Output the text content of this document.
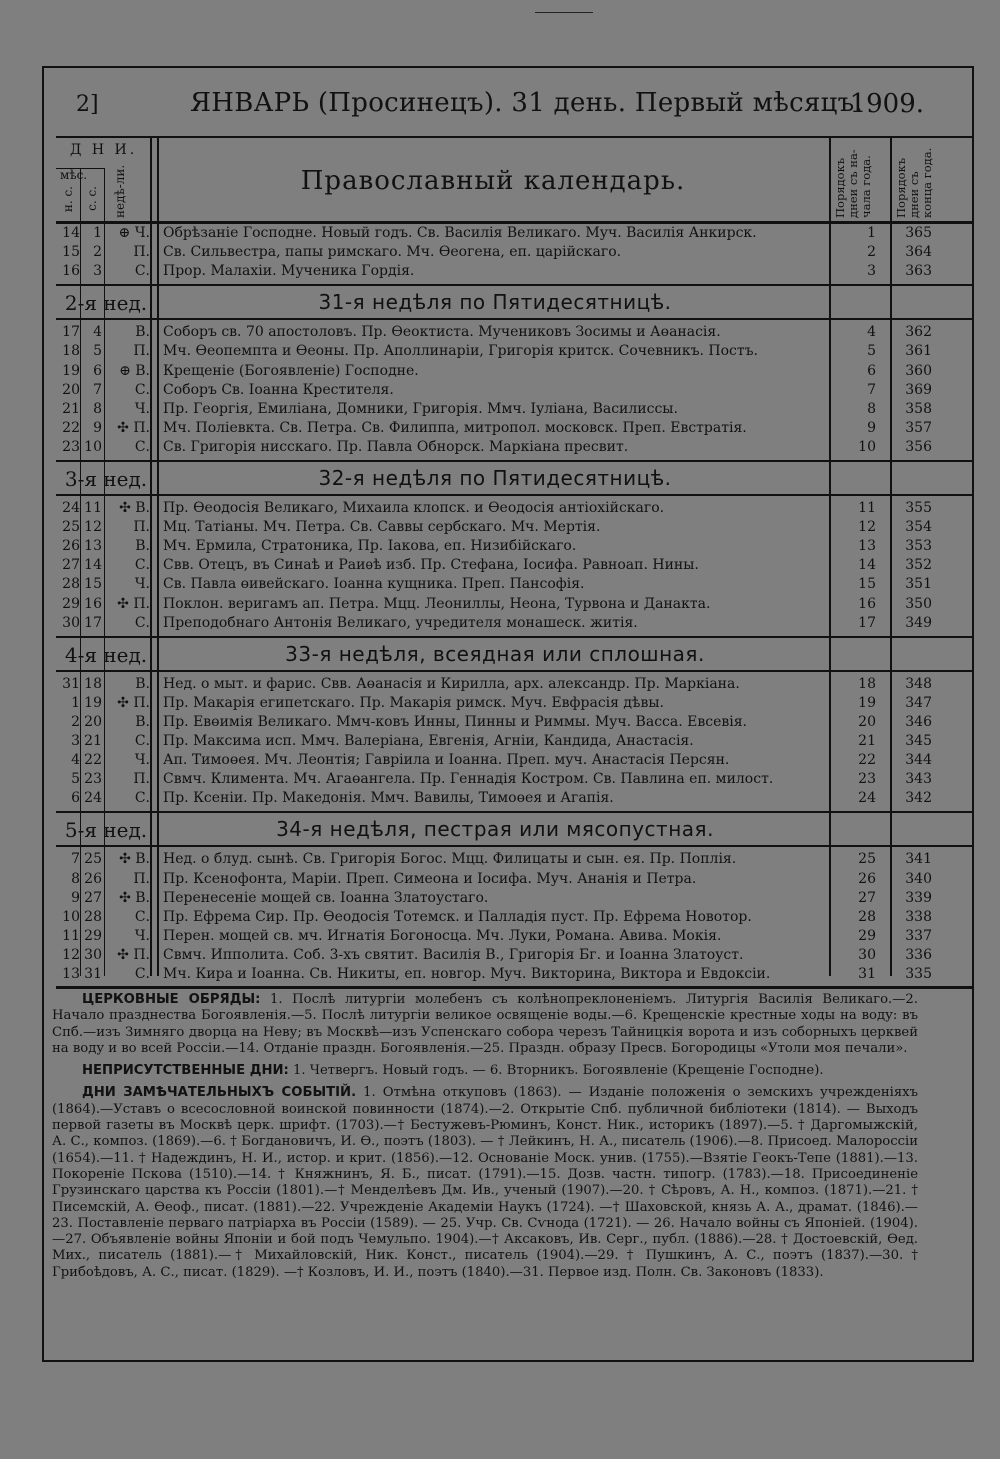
2]	ЯНВАРЬ (Просинецъ). 31 день. Первый мѣсяцъ.
1909.
Д Н И.
мѣс.
н. с. с. с. недѣ-ли.	Православный календарь.	Порядокъ днеи съ на-чала года.	Порядокъ днеи съ конца года.
14 1	⊕ Ч. Обрѣзаніе Господне. Новый годъ. Св. Василія Великаго. Муч. Василія Анкирск.	1	365
15 2	П. Св. Сильвестра, папы римскаго. Мч. Өеогена, еп. царійскаго.	2	364
16 3	С. Прор. Малахіи. Мученика Гордія.	3	363
2-я нед.	31-я недѣля по Пятидесятницѣ.
17 4	В. Соборъ св. 70 апостоловъ. Пр. Өеоктиста. Мучениковъ Зосимы и Аөанасія.	4	362
18 5	П. Мч. Өеопемпта и Өеоны. Пр. Аполлинаріи, Григорія критск. Сочевникъ. Постъ.	5	361
19 6	⊕ В. Крещеніе (Богоявленіе) Господне.	6	360
20 7	С. Соборъ Св. Іоанна Крестителя.	7	369
21 8	Ч. Пр. Георгія, Емиліана, Домники, Григорія. Ммч. Іуліана, Василиссы.	8	358
22 9 ✣ П. Мч. Поліевкта. Св. Петра. Св. Филиппа, митропол. московск. Преп. Евстратія.	9	357
23 10	С. Св. Григорія нисскаго. Пр. Павла Обнорск. Маркіана пресвит.	10	356
3-я нед.	32-я недѣля по Пятидесятницѣ.
24 11	✣ В. Пр. Өеодосія Великаго, Михаила клопск. и Өеодосія антіохійскаго.	11	355
25 12	П. Мц. Татіаны. Мч. Петра. Св. Саввы сербскаго. Мч. Мертія.	12	354
26 13	В. Мч. Ермила, Стратоника, Пр. Іакова, еп. Низибійскаго.	13	353
27 14	С. Свв. Отецъ, въ Синаѣ и Раиѳѣ изб. Пр. Стефана, Іосифа. Равноап. Нины.	14	352
28 15	Ч. Св. Павла өивейскаго. Іоанна кущника. Преп. Пансофія.	15	351
29 16 ✣ П. Поклон. веригамъ ап. Петра. Мцц. Леониллы, Неона, Турвона и Данакта.	16	350
30 17	С. Преподобнаго Антонія Великаго, учредителя монашеск. житія.	17	349
4-я нед.	33-я недѣля, всеядная или сплошная.
31 18	В. Нед. о мыт. и фарис. Свв. Аөанасія и Кирилла, арх. александр. Пр. Маркіана.	18	348
1 19 ✣ П. Пр. Макарія египетскаго. Пр. Макарія римск. Муч. Евфрасія дѣвы.	19	347
2 20	В. Пр. Евөимія Великаго. Ммч-ковъ Инны, Пинны и Риммы. Муч. Васса. Евсевія.	20	346
3 21	С. Пр. Максима исп. Ммч. Валеріана, Евгенія, Агніи, Кандида, Анастасія.	21	345
4 22	Ч. Ап. Тимоөея. Мч. Леонтія; Гаврiила и Іоанна. Преп. муч. Анастасія Персян.	22	344
5 23	П. Свмч. Климента. Мч. Агаөангела. Пр. Геннадія Костром. Св. Павлина еп. милост.	23	343
6 24	С. Пр. Ксеніи. Пр. Македонія. Ммч. Вавилы, Тимоөея и Агапія.	24	342
5-я нед.	34-я недѣля, пестрая или мясопустная.
7 25	✣ В. Нед. о блуд. сынѣ. Св. Григорія Богос. Мцц. Филицаты и сын. ея. Пр. Поплія.	25	341
8 26	П. Пр. Ксенофонта, Маріи. Преп. Симеона и Іосифа. Муч. Ананія и Петра.	26	340
9 27	✣ В. Перенесеніе мощей св. Іоанна Златоустаго.	27	339
10 28	С. Пр. Ефрема Сир. Пр. Өеодосія Тотемск. и Палладія пуст. Пр. Ефрема Новотор.	28	338
11 29	Ч. Перен. мощей св. мч. Игнатія Богоносца. Мч. Луки, Романа. Авива. Мокія.	29	337
12 30 ✣ П. Свмч. Ипполита. Соб. 3-хъ святит. Василія В., Григорія Бг. и Іоанна Златоуст.	30	336
13 31	С. Мч. Кира и Іоанна. Св. Никиты, еп. новгор. Муч. Викторина, Виктора и Евдоксіи.	31	335

ЦЕРКОВНЫЕ ОБРЯДЫ: 1. Послѣ литургіи молебенъ съ колѣнопреклоненіемъ. Литургія Василія Великаго.—2. Начало празднества Богоявленія.—5. Послѣ литургіи великое освященіе воды.—6. Крещенскіе крестные ходы на воду: въ Спб.—изъ Зимняго дворца на Неву; въ Москвѣ—изъ Успенскаго собора черезъ Тайницкія ворота и изъ соборныхъ церквей на воду и во всей Россіи.—14. Отданіе праздн. Богоявленія.—25. Праздн. образу Пресв. Богородицы «Утоли моя печали».

НЕПРИСУТСТВЕННЫЕ ДНИ: 1. Четвергъ. Новый годъ. — 6. Вторникъ. Богоявленіе (Крещеніе Господне).

ДНИ ЗАМѢЧАТЕЛЬНЫХЪ СОБЫТІЙ. 1. Отмѣна откуповъ (1863). — Изданіе положенія о земскихъ учрежденіяхъ (1864).—Уставъ о всесословной воинской повинности (1874).—2. Открытіе Спб. публичной библіотеки (1814). — Выходъ первой газеты въ Москвѣ церк. шрифт. (1703).—† Бестужевъ-Рюминъ, Конст. Ник., историкъ (1897).—5. † Даргомыжскій, А. С., композ. (1869).—6. † Богдановичъ, И. Ѳ., поэтъ (1803). — † Лейкинъ, Н. А., писатель (1906).—8. Присоед. Малороссіи (1654).—11. † Надеждинъ, Н. И., истор. и крит. (1856).—12. Основаніе Моск. унив. (1755).—Взятіе Геокъ-Тепе (1881).—13. Покореніе Пскова (1510).—14. † Княжнинъ, Я. Б., писат. (1791).—15. Дозв. частн. типогр. (1783).—18. Присоединеніе Грузинскаго царства къ Россіи (1801).—† Менделѣевъ Дм. Ив., ученый (1907).—20. † Сѣровъ, А. Н., композ. (1871).—21. † Писемскій, А. Ѳеоф., писат. (1881).—22. Учрежденіе Академіи Наукъ (1724). —† Шаховской, князь А. А., драмат. (1846).—23. Поставленіе перваго патріарха въ Россіи (1589). — 25. Учр. Св. Сѵнода (1721). — 26. Начало войны съ Японіей. (1904).—27. Объявленіе войны Японіи и бой подъ Чемульпо. 1904).—† Аксаковъ, Ив. Серг., публ. (1886).—28. † Достоевскій, Ѳед. Мих., писатель (1881).—† Михайловскій, Ник. Конст., писатель (1904).—29. † Пушкинъ, А. С., поэтъ (1837).—30. † Грибоѣдовъ, А. С., писат. (1829). —† Козловъ, И. И., поэтъ (1840).—31. Первое изд. Полн. Св. Законовъ (1833).
